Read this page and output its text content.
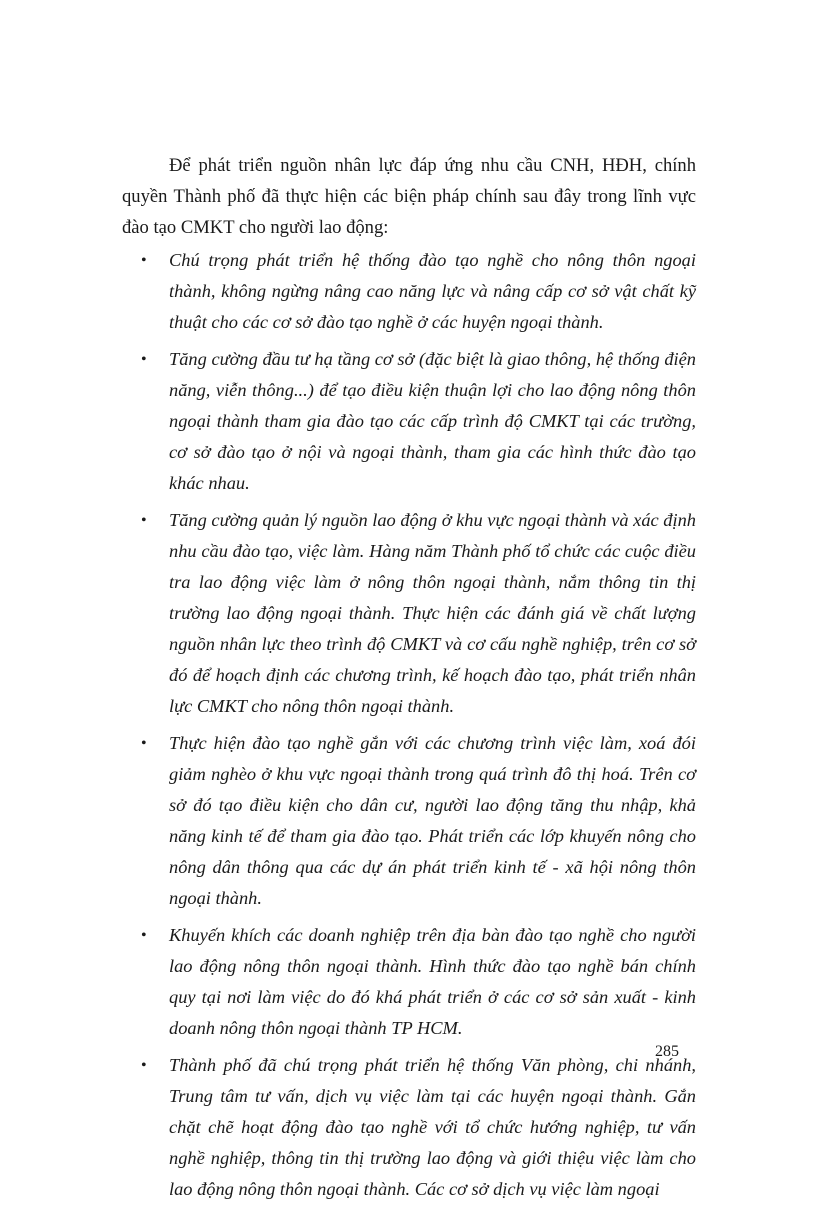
Để phát triển nguồn nhân lực đáp ứng nhu cầu CNH, HĐH, chính quyền Thành phố đã thực hiện các biện pháp chính sau đây trong lĩnh vực đào tạo CMKT cho người lao động:

• Chú trọng phát triển hệ thống đào tạo nghề cho nông thôn ngoại thành, không ngừng nâng cao năng lực và nâng cấp cơ sở vật chất kỹ thuật cho các cơ sở đào tạo nghề ở các huyện ngoại thành.
• Tăng cường đầu tư hạ tầng cơ sở (đặc biệt là giao thông, hệ thống điện năng, viễn thông...) để tạo điều kiện thuận lợi cho lao động nông thôn ngoại thành tham gia đào tạo các cấp trình độ CMKT tại các trường, cơ sở đào tạo ở nội và ngoại thành, tham gia các hình thức đào tạo khác nhau.
• Tăng cường quản lý nguồn lao động ở khu vực ngoại thành và xác định nhu cầu đào tạo, việc làm. Hàng năm Thành phố tổ chức các cuộc điều tra lao động việc làm ở nông thôn ngoại thành, nắm thông tin thị trường lao động ngoại thành. Thực hiện các đánh giá về chất lượng nguồn nhân lực theo trình độ CMKT và cơ cấu nghề nghiệp, trên cơ sở đó để hoạch định các chương trình, kế hoạch đào tạo, phát triển nhân lực CMKT cho nông thôn ngoại thành.
• Thực hiện đào tạo nghề gắn với các chương trình việc làm, xoá đói giảm nghèo ở khu vực ngoại thành trong quá trình đô thị hoá. Trên cơ sở đó tạo điều kiện cho dân cư, người lao động tăng thu nhập, khả năng kinh tế để tham gia đào tạo. Phát triển các lớp khuyến nông cho nông dân thông qua các dự án phát triển kinh tế - xã hội nông thôn ngoại thành.
• Khuyến khích các doanh nghiệp trên địa bàn đào tạo nghề cho người lao động nông thôn ngoại thành. Hình thức đào tạo nghề bán chính quy tại nơi làm việc do đó khá phát triển ở các cơ sở sản xuất - kinh doanh nông thôn ngoại thành TP HCM.
• Thành phố đã chú trọng phát triển hệ thống Văn phòng, chi nhánh, Trung tâm tư vấn, dịch vụ việc làm tại các huyện ngoại thành. Gắn chặt chẽ hoạt động đào tạo nghề với tổ chức hướng nghiệp, tư vấn nghề nghiệp, thông tin thị trường lao động và giới thiệu việc làm cho lao động nông thôn ngoại thành. Các cơ sở dịch vụ việc làm ngoại
285
